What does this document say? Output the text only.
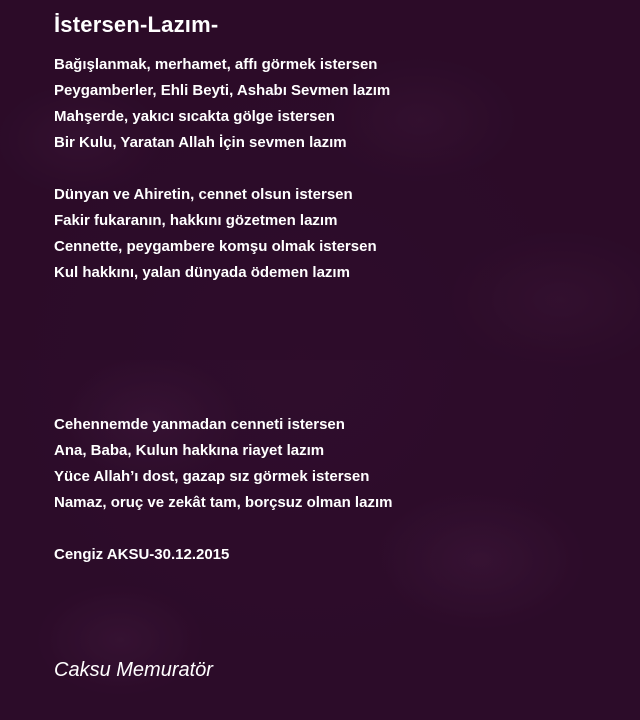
İstersen-Lazım-
Bağışlanmak, merhamet, affı görmek istersen
Peygamberler, Ehli Beyti, Ashabı Sevmen lazım
Mahşerde, yakıcı sıcakta gölge istersen
Bir Kulu, Yaratan Allah İçin sevmen lazım
Dünyan ve Ahiretin, cennet olsun istersen
Fakir fukaranın, hakkını gözetmen lazım
Cennette, peygambere komşu olmak istersen
Kul hakkını, yalan dünyada ödemen lazım
Cehennemde yanmadan cenneti istersen
Ana, Baba, Kulun hakkına riayet lazım
Yüce Allah’ı dost, gazap sız görmek istersen
Namaz, oruç ve zekât tam, borçsuz olman lazım

Cengiz AKSU-30.12.2015

Caksu Memuratör
